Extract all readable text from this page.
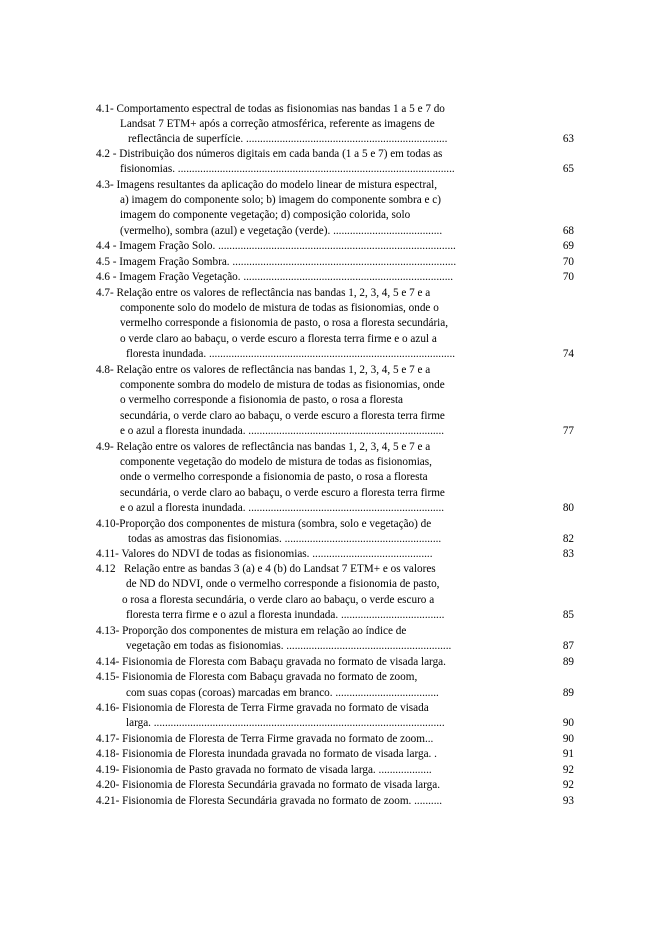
4.1- Comportamento espectral de todas as fisionomias nas bandas 1 a 5 e 7 do
Landsat 7 ETM+ após a correção atmosférica, referente as imagens de
reflectância de superfície. ........................................................................	63
4.2 - Distribuição dos números digitais em cada banda (1 a 5 e 7) em todas as
fisionomias. ...................................................................................................	65
4.3- Imagens resultantes da aplicação do modelo linear de mistura espectral,
a) imagem do componente solo; b) imagem do componente sombra e c)
imagem do componente vegetação; d) composição colorida, solo
(vermelho), sombra (azul) e vegetação (verde). .......................................	68
4.4 - Imagem Fração Solo. .....................................................................................	69
4.5 - Imagem Fração Sombra. ................................................................................	70
4.6 - Imagem Fração Vegetação. ...........................................................................	70
4.7- Relação entre os valores de reflectância nas bandas 1, 2, 3, 4, 5 e 7 e a
componente solo do modelo de mistura de todas as fisionomias, onde o
vermelho corresponde a fisionomia de pasto, o rosa a floresta secundária,
o verde claro ao babaçu, o verde escuro a floresta terra firme e o azul a
floresta inundada. ........................................................................................	74
4.8- Relação entre os valores de reflectância nas bandas 1, 2, 3, 4, 5 e 7 e a
componente sombra do modelo de mistura de todas as fisionomias, onde
o vermelho corresponde a fisionomia de pasto, o rosa a floresta
secundária, o verde claro ao babaçu, o verde escuro a floresta terra firme
e o azul a floresta inundada. ......................................................................	77
4.9- Relação entre os valores de reflectância nas bandas 1, 2, 3, 4, 5 e 7 e a
componente vegetação do modelo de mistura de todas as fisionomias,
onde o vermelho corresponde a fisionomia de pasto, o rosa a floresta
secundária, o verde claro ao babaçu, o verde escuro a floresta terra firme
e o azul a floresta inundada. ......................................................................	80
4.10-Proporção dos componentes de mistura (sombra, solo e vegetação) de
todas as amostras das fisionomias. ........................................................	82
4.11- Valores do NDVI de todas as fisionomias. ...........................................	83
4.12   Relação entre as bandas 3 (a) e 4 (b) do Landsat 7 ETM+ e os valores
de ND do NDVI, onde o vermelho corresponde a fisionomia de pasto,
o rosa a floresta secundária, o verde claro ao babaçu, o verde escuro a
floresta terra firme e o azul a floresta inundada. .....................................	85
4.13- Proporção dos componentes de mistura em relação ao índice de
vegetação em todas as fisionomias. ...........................................................	87
4.14- Fisionomia de Floresta com Babaçu gravada no formato de visada larga.	89
4.15- Fisionomia de Floresta com Babaçu gravada no formato de zoom,
com suas copas (coroas) marcadas em branco. .....................................	89
4.16- Fisionomia de Floresta de Terra Firme gravada no formato de visada
larga. ........................................................................................................	90
4.17- Fisionomia de Floresta de Terra Firme gravada no formato de zoom...	90
4.18- Fisionomia de Floresta inundada gravada no formato de visada larga. .	91
4.19- Fisionomia de Pasto gravada no formato de visada larga. ...................	92
4.20- Fisionomia de Floresta Secundária gravada no formato de visada larga.	92
4.21- Fisionomia de Floresta Secundária gravada no formato de zoom. ..........	93
